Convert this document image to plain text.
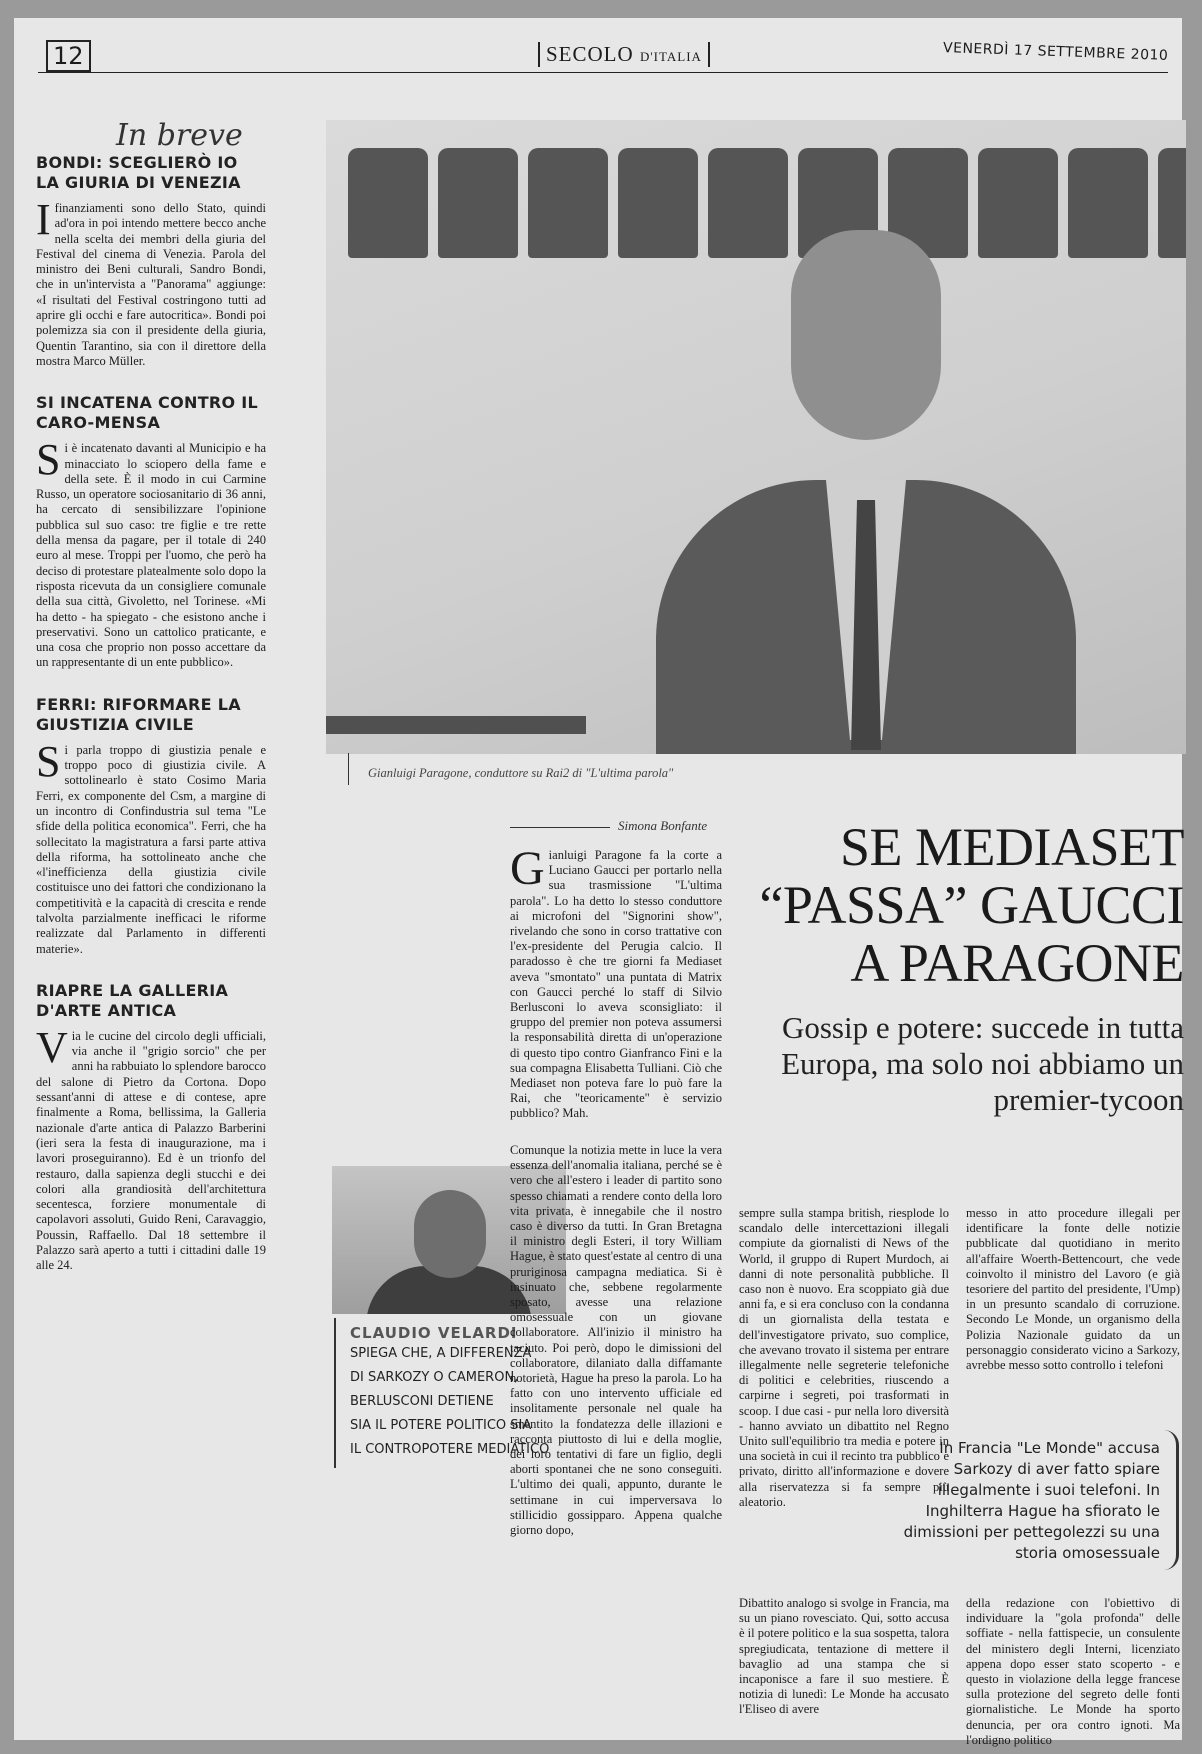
12	SECOLO D'ITALIA	VENERDÌ 17 SETTEMBRE 2010
In breve
BONDI: SCEGLIERÒ IO LA GIURIA DI VENEZIA
Ifinanziamenti sono dello Stato, quindi ad'ora in poi intendo mettere becco anche nella scelta dei membri della giuria del Festival del cinema di Venezia. Parola del ministro dei Beni culturali, Sandro Bondi, che in un'intervista a "Panorama" aggiunge: «I risultati del Festival costringono tutti ad aprire gli occhi e fare autocritica». Bondi poi polemizza sia con il presidente della giuria, Quentin Tarantino, sia con il direttore della mostra Marco Müller.
SI INCATENA CONTRO IL CARO-MENSA
Si è incatenato davanti al Municipio e ha minacciato lo sciopero della fame e della sete. È il modo in cui Carmine Russo, un operatore sociosanitario di 36 anni, ha cercato di sensibilizzare l'opinione pubblica sul suo caso: tre figlie e tre rette della mensa da pagare, per il totale di 240 euro al mese. Troppi per l'uomo, che però ha deciso di protestare platealmente solo dopo la risposta ricevuta da un consigliere comunale della sua città, Givoletto, nel Torinese. «Mi ha detto - ha spiegato - che esistono anche i preservativi. Sono un cattolico praticante, e una cosa che proprio non posso accettare da un rappresentante di un ente pubblico».
FERRI: RIFORMARE LA GIUSTIZIA CIVILE
Si parla troppo di giustizia penale e troppo poco di giustizia civile. A sottolinearlo è stato Cosimo Maria Ferri, ex componente del Csm, a margine di un incontro di Confindustria sul tema "Le sfide della politica economica". Ferri, che ha sollecitato la magistratura a farsi parte attiva della riforma, ha sottolineato anche che «l'inefficienza della giustizia civile costituisce uno dei fattori che condizionano la competitività e la capacità di crescita e rende talvolta parzialmente inefficaci le riforme realizzate dal Parlamento in differenti materie».
RIAPRE LA GALLERIA D'ARTE ANTICA
Via le cucine del circolo degli ufficiali, via anche il "grigio sorcio" che per anni ha rabbuiato lo splendore barocco del salone di Pietro da Cortona. Dopo sessant'anni di attese e di contese, apre finalmente a Roma, bellissima, la Galleria nazionale d'arte antica di Palazzo Barberini (ieri sera la festa di inaugurazione, ma i lavori proseguiranno). Ed è un trionfo del restauro, dalla sapienza degli stucchi e dei colori alla grandiosità dell'architettura secentesca, forziere monumentale di capolavori assoluti, Guido Reni, Caravaggio, Poussin, Raffaello. Dal 18 settembre il Palazzo sarà aperto a tutti i cittadini dalle 19 alle 24.
Gianluigi Paragone, conduttore su Rai2 di "L'ultima parola"
Simona Bonfante	SE MEDIASET “PASSA” GAUCCI A PARAGONE
Gossip e potere: succede in tutta Europa, ma solo noi abbiamo un premier-tycoon
Gianluigi Paragone fa la corte a Luciano Gaucci per portarlo nella sua trasmissione "L'ultima parola". Lo ha detto lo stesso conduttore ai microfoni del "Signorini show", rivelando che sono in corso trattative con l'ex-presidente del Perugia calcio. Il paradosso è che tre giorni fa Mediaset aveva "smontato" una puntata di Matrix con Gaucci perché lo staff di Silvio Berlusconi lo aveva sconsigliato: il gruppo del premier non poteva assumersi la responsabilità diretta di un'operazione di questo tipo contro Gianfranco Fini e la sua compagna Elisabetta Tulliani. Ciò che Mediaset non poteva fare lo può fare la Rai, che "teoricamente" è servizio pubblico? Mah.
CLAUDIO VELARDI
SPIEGA CHE, A DIFFERENZA
DI SARKOZY O CAMERON,
BERLUSCONI DETIENE
SIA IL POTERE POLITICO SIA
IL CONTROPOTERE MEDIATICO
Comunque la notizia mette in luce la vera essenza dell'anomalia italiana, perché se è vero che all'estero i leader di partito sono spesso chiamati a rendere conto della loro vita privata, è innegabile che il nostro caso è diverso da tutti. In Gran Bretagna il ministro degli Esteri, il tory William Hague, è stato quest'estate al centro di una pruriginosa campagna mediatica. Si è insinuato che, sebbene regolarmente sposato, avesse una relazione omosessuale con un giovane collaboratore. All'inizio il ministro ha taciuto. Poi però, dopo le dimissioni del collaboratore, dilaniato dalla diffamante notorietà, Hague ha preso la parola. Lo ha fatto con uno intervento ufficiale ed insolitamente personale nel quale ha smentito la fondatezza delle illazioni e racconta piuttosto di lui e della moglie, dei loro tentativi di fare un figlio, degli aborti spontanei che ne sono conseguiti. L'ultimo dei quali, appunto, durante le settimane in cui imperversava lo stillicidio gossipparo. Appena qualche giorno dopo,
sempre sulla stampa british, riesplode lo scandalo delle intercettazioni illegali compiute da giornalisti di News of the World, il gruppo di Rupert Murdoch, ai danni di note personalità pubbliche. Il caso non è nuovo. Era scoppiato già due anni fa, e si era concluso con la condanna di un giornalista della testata e dell'investigatore privato, suo complice, che avevano trovato il sistema per entrare illegalmente nelle segreterie telefoniche di politici e celebrities, riuscendo a carpirne i segreti, poi trasformati in scoop. I due casi - pur nella loro diversità - hanno avviato un dibattito nel Regno Unito sull'equilibrio tra media e potere in una società in cui il recinto tra pubblico e privato, diritto all'informazione e dovere alla riservatezza si fa sempre più aleatorio.
messo in atto procedure illegali per identificare la fonte delle notizie pubblicate dal quotidiano in merito all'affaire Woerth-Bettencourt, che vede coinvolto il ministro del Lavoro (e già tesoriere del partito del presidente, l'Ump) in un presunto scandalo di corruzione. Secondo Le Monde, un organismo della Polizia Nazionale guidato da un personaggio considerato vicino a Sarkozy, avrebbe messo sotto controllo i telefoni
In Francia "Le Monde" accusa Sarkozy di aver fatto spiare illegalmente i suoi telefoni. In Inghilterra Hague ha sfiorato le dimissioni per pettegolezzi su una storia omosessuale
Dibattito analogo si svolge in Francia, ma su un piano rovesciato. Qui, sotto accusa è il potere politico e la sua sospetta, talora spregiudicata, tentazione di mettere il bavaglio ad una stampa che si incaponisce a fare il suo mestiere. È notizia di lunedì: Le Monde ha accusato l'Eliseo di avere
della redazione con l'obiettivo di individuare la "gola profonda" delle soffiate - nella fattispecie, un consulente del ministero degli Interni, licenziato appena dopo esser stato scoperto - e questo in violazione della legge francese sulla protezione del segreto delle fonti giornalistiche. Le Monde ha sporto denuncia, per ora contro ignoti. Ma l'ordigno politico
